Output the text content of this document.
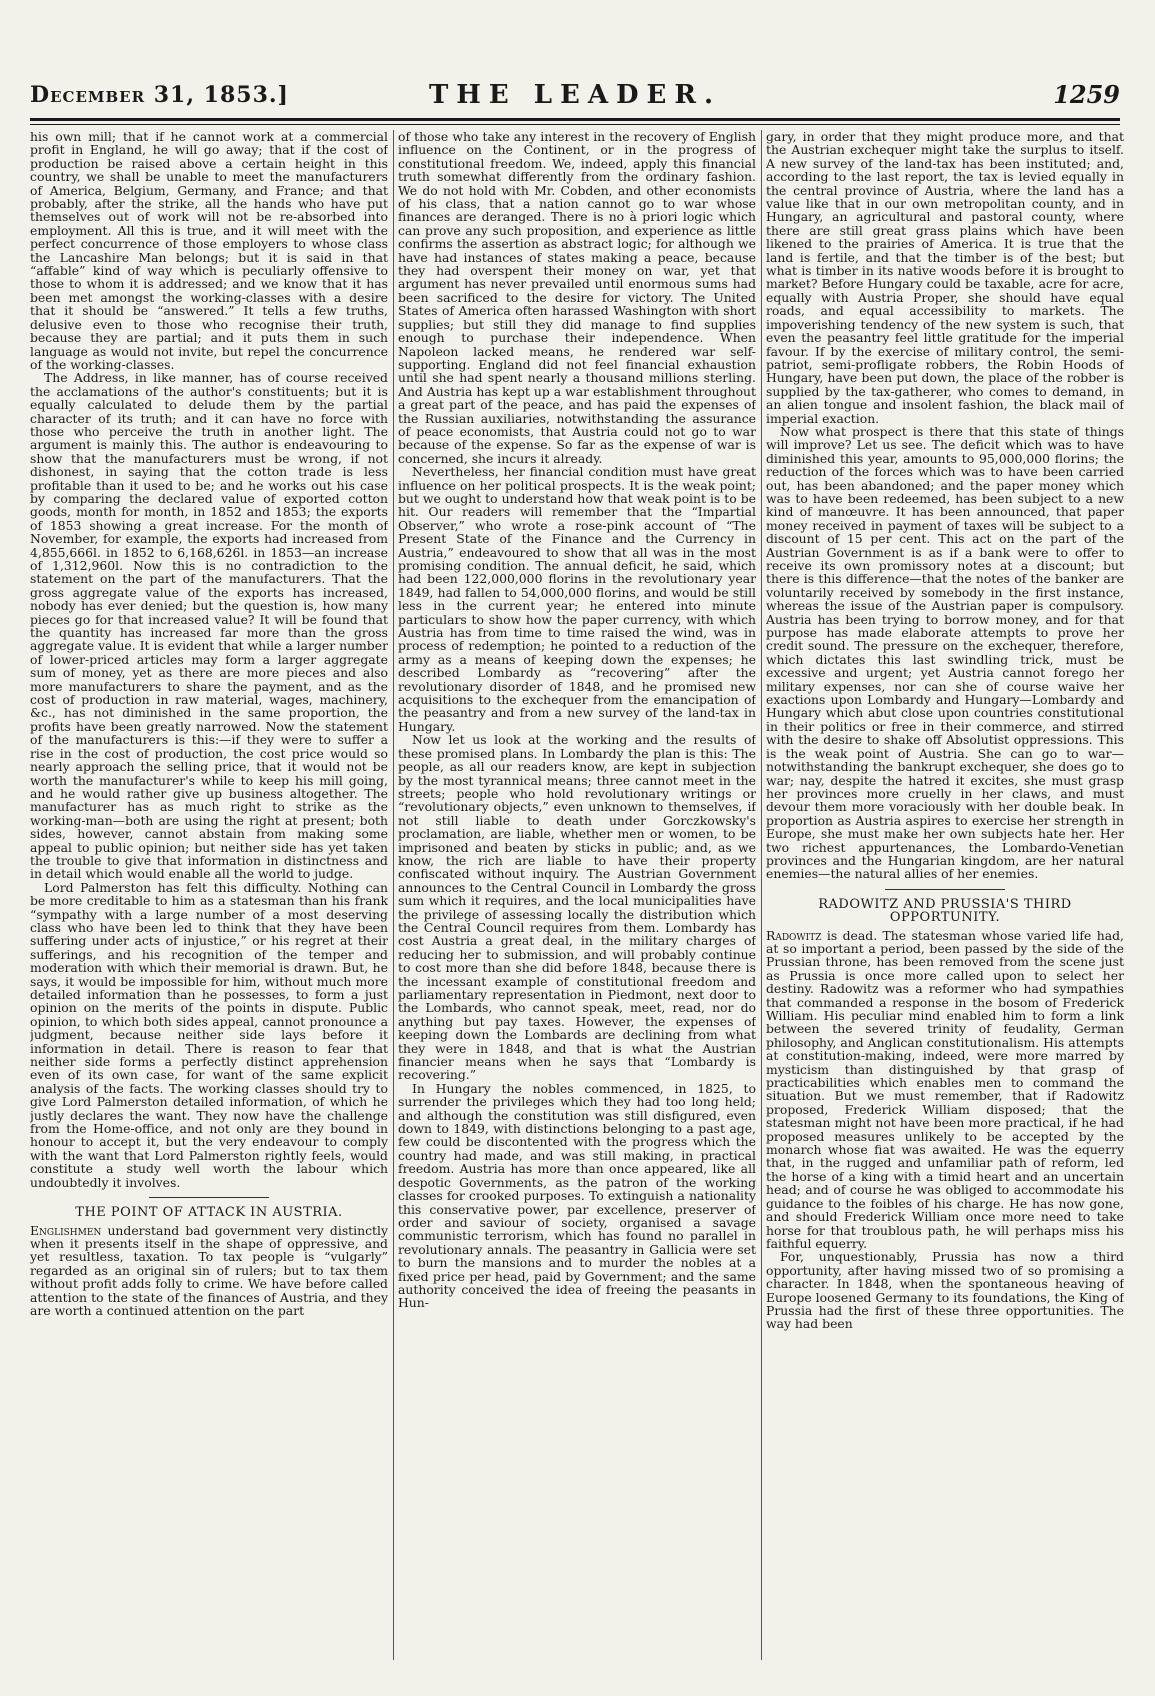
December 31, 1853.]	THE LEADER.	1259

his own mill; that if he cannot work at a commercial profit in England, he will go away; that if the cost of production be raised above a certain height in this country, we shall be unable to meet the manufacturers of America, Belgium, Germany, and France; and that probably, after the strike, all the hands who have put themselves out of work will not be re-absorbed into employment. All this is true, and it will meet with the perfect concurrence of those employers to whose class the Lancashire Man belongs; but it is said in that “affable” kind of way which is peculiarly offensive to those to whom it is addressed; and we know that it has been met amongst the working-classes with a desire that it should be “answered.” It tells a few truths, delusive even to those who recognise their truth, because they are partial; and it puts them in such language as would not invite, but repel the concurrence of the working-classes.

The Address, in like manner, has of course received the acclamations of the author's constituents; but it is equally calculated to delude them by the partial character of its truth; and it can have no force with those who perceive the truth in another light. The argument is mainly this. The author is endeavouring to show that the manufacturers must be wrong, if not dishonest, in saying that the cotton trade is less profitable than it used to be; and he works out his case by comparing the declared value of exported cotton goods, month for month, in 1852 and 1853; the exports of 1853 showing a great increase. For the month of November, for example, the exports had increased from 4,855,666l. in 1852 to 6,168,626l. in 1853—an increase of 1,312,960l. Now this is no contradiction to the statement on the part of the manufacturers. That the gross aggregate value of the exports has increased, nobody has ever denied; but the question is, how many pieces go for that increased value? It will be found that the quantity has increased far more than the gross aggregate value. It is evident that while a larger number of lower-priced articles may form a larger aggregate sum of money, yet as there are more pieces and also more manufacturers to share the payment, and as the cost of production in raw material, wages, machinery, &c., has not diminished in the same proportion, the profits have been greatly narrowed. Now the statement of the manufacturers is this:—if they were to suffer a rise in the cost of production, the cost price would so nearly approach the selling price, that it would not be worth the manufacturer's while to keep his mill going, and he would rather give up business altogether. The manufacturer has as much right to strike as the working-man—both are using the right at present; both sides, however, cannot abstain from making some appeal to public opinion; but neither side has yet taken the trouble to give that information in distinctness and in detail which would enable all the world to judge.

Lord Palmerston has felt this difficulty. Nothing can be more creditable to him as a statesman than his frank “sympathy with a large number of a most deserving class who have been led to think that they have been suffering under acts of injustice,” or his regret at their sufferings, and his recognition of the temper and moderation with which their memorial is drawn. But, he says, it would be impossible for him, without much more detailed information than he possesses, to form a just opinion on the merits of the points in dispute. Public opinion, to which both sides appeal, cannot pronounce a judgment, because neither side lays before it information in detail. There is reason to fear that neither side forms a perfectly distinct apprehension even of its own case, for want of the same explicit analysis of the facts. The working classes should try to give Lord Palmerston detailed information, of which he justly declares the want. They now have the challenge from the Home-office, and not only are they bound in honour to accept it, but the very endeavour to comply with the want that Lord Palmerston rightly feels, would constitute a study well worth the labour which undoubtedly it involves.

THE POINT OF ATTACK IN AUSTRIA.

Englishmen understand bad government very distinctly when it presents itself in the shape of oppressive, and yet resultless, taxation. To tax people is “vulgarly” regarded as an original sin of rulers; but to tax them without profit adds folly to crime. We have before called attention to the state of the finances of Austria, and they are worth a continued attention on the part

of those who take any interest in the recovery of English influence on the Continent, or in the progress of constitutional freedom. We, indeed, apply this financial truth somewhat differently from the ordinary fashion. We do not hold with Mr. Cobden, and other economists of his class, that a nation cannot go to war whose finances are deranged. There is no à priori logic which can prove any such proposition, and experience as little confirms the assertion as abstract logic; for although we have had instances of states making a peace, because they had overspent their money on war, yet that argument has never prevailed until enormous sums had been sacrificed to the desire for victory. The United States of America often harassed Washington with short supplies; but still they did manage to find supplies enough to purchase their independence. When Napoleon lacked means, he rendered war self-supporting. England did not feel financial exhaustion until she had spent nearly a thousand millions sterling. And Austria has kept up a war establishment throughout a great part of the peace, and has paid the expenses of the Russian auxiliaries, notwithstanding the assurance of peace economists, that Austria could not go to war because of the expense. So far as the expense of war is concerned, she incurs it already.

Nevertheless, her financial condition must have great influence on her political prospects. It is the weak point; but we ought to understand how that weak point is to be hit. Our readers will remember that the “Impartial Observer,” who wrote a rose-pink account of “The Present State of the Finance and the Currency in Austria,” endeavoured to show that all was in the most promising condition. The annual deficit, he said, which had been 122,000,000 florins in the revolutionary year 1849, had fallen to 54,000,000 florins, and would be still less in the current year; he entered into minute particulars to show how the paper currency, with which Austria has from time to time raised the wind, was in process of redemption; he pointed to a reduction of the army as a means of keeping down the expenses; he described Lombardy as “recovering” after the revolutionary disorder of 1848, and he promised new acquisitions to the exchequer from the emancipation of the peasantry and from a new survey of the land-tax in Hungary.

Now let us look at the working and the results of these promised plans. In Lombardy the plan is this: The people, as all our readers know, are kept in subjection by the most tyrannical means; three cannot meet in the streets; people who hold revolutionary writings or “revolutionary objects,” even unknown to themselves, if not still liable to death under Gorczkowsky's proclamation, are liable, whether men or women, to be imprisoned and beaten by sticks in public; and, as we know, the rich are liable to have their property confiscated without inquiry. The Austrian Government announces to the Central Council in Lombardy the gross sum which it requires, and the local municipalities have the privilege of assessing locally the distribution which the Central Council requires from them. Lombardy has cost Austria a great deal, in the military charges of reducing her to submission, and will probably continue to cost more than she did before 1848, because there is the incessant example of constitutional freedom and parliamentary representation in Piedmont, next door to the Lombards, who cannot speak, meet, read, nor do anything but pay taxes. However, the expenses of keeping down the Lombards are declining from what they were in 1848, and that is what the Austrian financier means when he says that “Lombardy is recovering.”

In Hungary the nobles commenced, in 1825, to surrender the privileges which they had too long held; and although the constitution was still disfigured, even down to 1849, with distinctions belonging to a past age, few could be discontented with the progress which the country had made, and was still making, in practical freedom. Austria has more than once appeared, like all despotic Governments, as the patron of the working classes for crooked purposes. To extinguish a nationality this conservative power, par excellence, preserver of order and saviour of society, organised a savage communistic terrorism, which has found no parallel in revolutionary annals. The peasantry in Gallicia were set to burn the mansions and to murder the nobles at a fixed price per head, paid by Government; and the same authority conceived the idea of freeing the peasants in Hun-

gary, in order that they might produce more, and that the Austrian exchequer might take the surplus to itself. A new survey of the land-tax has been instituted; and, according to the last report, the tax is levied equally in the central province of Austria, where the land has a value like that in our own metropolitan county, and in Hungary, an agricultural and pastoral county, where there are still great grass plains which have been likened to the prairies of America. It is true that the land is fertile, and that the timber is of the best; but what is timber in its native woods before it is brought to market? Before Hungary could be taxable, acre for acre, equally with Austria Proper, she should have equal roads, and equal accessibility to markets. The impoverishing tendency of the new system is such, that even the peasantry feel little gratitude for the imperial favour. If by the exercise of military control, the semi-patriot, semi-profligate robbers, the Robin Hoods of Hungary, have been put down, the place of the robber is supplied by the tax-gatherer, who comes to demand, in an alien tongue and insolent fashion, the black mail of imperial exaction.

Now what prospect is there that this state of things will improve? Let us see. The deficit which was to have diminished this year, amounts to 95,000,000 florins; the reduction of the forces which was to have been carried out, has been abandoned; and the paper money which was to have been redeemed, has been subject to a new kind of manœuvre. It has been announced, that paper money received in payment of taxes will be subject to a discount of 15 per cent. This act on the part of the Austrian Government is as if a bank were to offer to receive its own promissory notes at a discount; but there is this difference—that the notes of the banker are voluntarily received by somebody in the first instance, whereas the issue of the Austrian paper is compulsory. Austria has been trying to borrow money, and for that purpose has made elaborate attempts to prove her credit sound. The pressure on the exchequer, therefore, which dictates this last swindling trick, must be excessive and urgent; yet Austria cannot forego her military expenses, nor can she of course waive her exactions upon Lombardy and Hungary—Lombardy and Hungary which abut close upon countries constitutional in their politics or free in their commerce, and stirred with the desire to shake off Absolutist oppressions. This is the weak point of Austria. She can go to war—notwithstanding the bankrupt exchequer, she does go to war; nay, despite the hatred it excites, she must grasp her provinces more cruelly in her claws, and must devour them more voraciously with her double beak. In proportion as Austria aspires to exercise her strength in Europe, she must make her own subjects hate her. Her two richest appurtenances, the Lombardo-Venetian provinces and the Hungarian kingdom, are her natural enemies—the natural allies of her enemies.

RADOWITZ AND PRUSSIA'S THIRD OPPORTUNITY.

Radowitz is dead. The statesman whose varied life had, at so important a period, been passed by the side of the Prussian throne, has been removed from the scene just as Prussia is once more called upon to select her destiny. Radowitz was a reformer who had sympathies that commanded a response in the bosom of Frederick William. His peculiar mind enabled him to form a link between the severed trinity of feudality, German philosophy, and Anglican constitutionalism. His attempts at constitution-making, indeed, were more marred by mysticism than distinguished by that grasp of practicabilities which enables men to command the situation. But we must remember, that if Radowitz proposed, Frederick William disposed; that the statesman might not have been more practical, if he had proposed measures unlikely to be accepted by the monarch whose fiat was awaited. He was the equerry that, in the rugged and unfamiliar path of reform, led the horse of a king with a timid heart and an uncertain head; and of course he was obliged to accommodate his guidance to the foibles of his charge. He has now gone, and should Frederick William once more need to take horse for that troublous path, he will perhaps miss his faithful equerry.

For, unquestionably, Prussia has now a third opportunity, after having missed two of so promising a character. In 1848, when the spontaneous heaving of Europe loosened Germany to its foundations, the King of Prussia had the first of these three opportunities. The way had been
